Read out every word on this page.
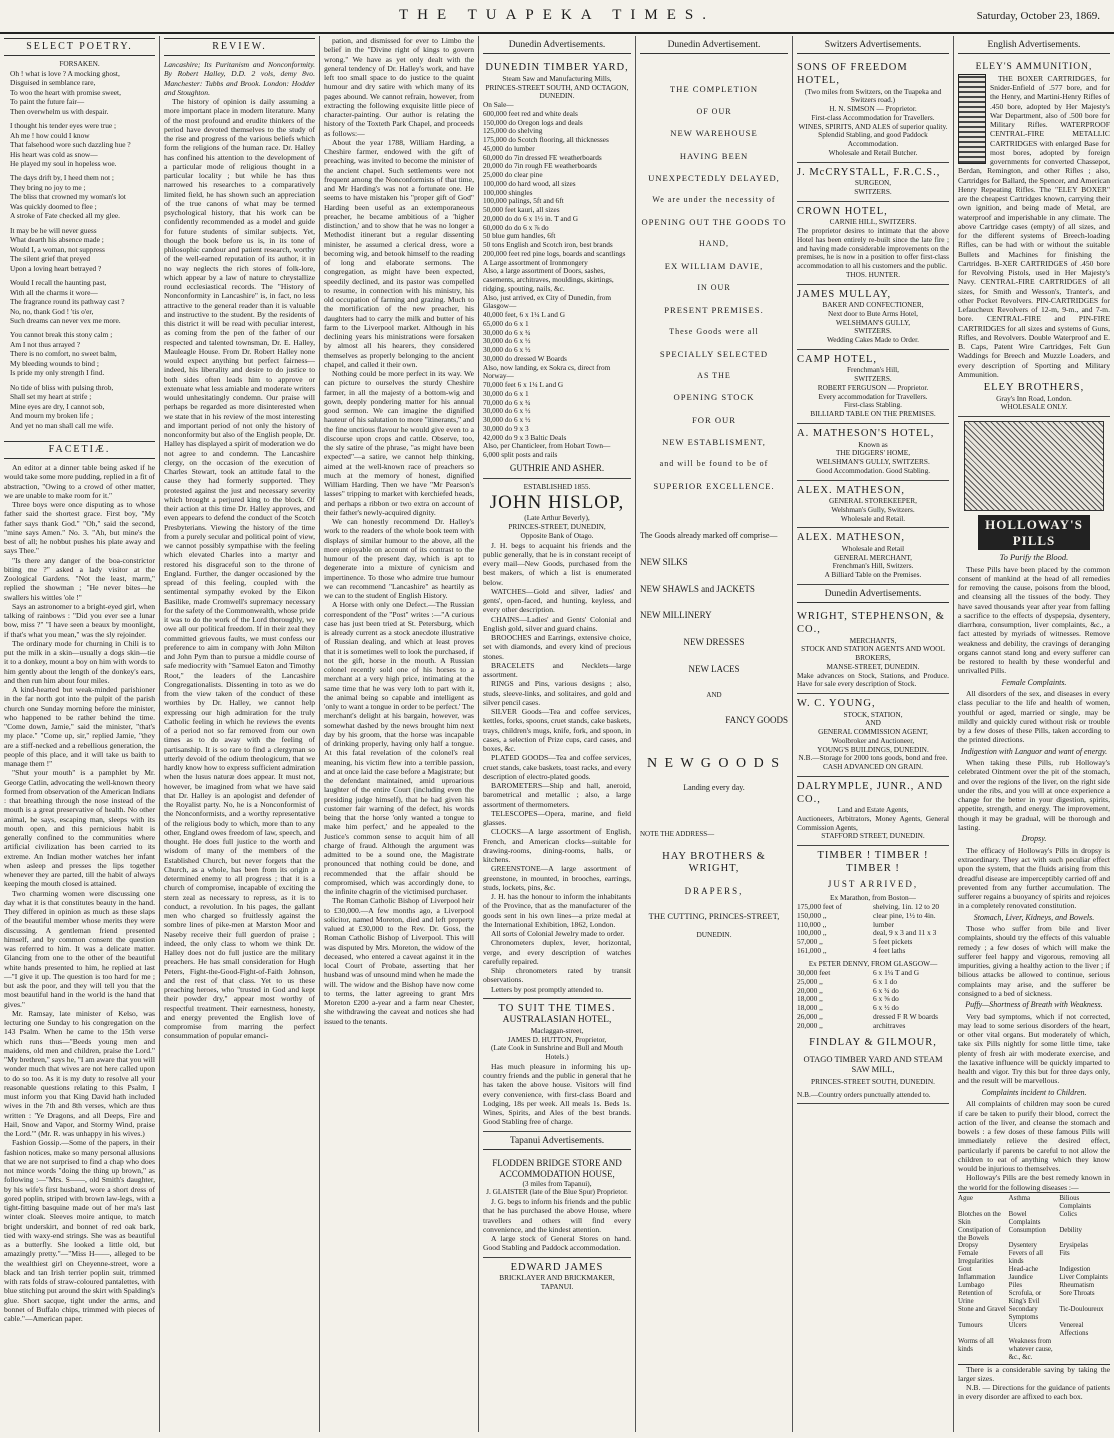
THE TUAPEKA TIMES.	Saturday, October 23, 1869.
SELECT POETRY.
FORSAKEN.

Oh ! what is love ? A mocking ghost,

Disguised in semblance rare,

To woo the heart with promise sweet,

To paint the future fair—

Then overwhelm us with despair.

I thought his tender eyes were true ;

Ah me ! how could I know

That falsehood wore such dazzling hue ?

His heart was cold as snow—

He played my soul in hopeless woe.

The days drift by, I heed them not ;

They bring no joy to me ;

The bliss that crowned my woman's lot

Was quickly doomed to flee ;

A stroke of Fate checked all my glee.

It may be he will never guess

What dearth his absence made ;

Would I, a woman, not suppress

The silent grief that preyed

Upon a loving heart betrayed ?

Would I recall the haunting past,

With all the charms it wore—

The fragrance round its pathway cast ?

No, no, thank God ! 'tis o'er,

Such dreams can never vex me more.

You cannot break this stony calm ;

Am I not thus arrayed ?

There is no comfort, no sweet balm,

My bleeding wounds to bind ;

Is pride my only strength I find.

No tide of bliss with pulsing throb,

Shall set my heart at strife ;

Mine eyes are dry, I cannot sob,

And mourn my broken life ;

And yet no man shall call me wife.

FACETIÆ.

An editor at a dinner table being asked if he would take some more pudding, replied in a fit of abstraction, "Owing to a crowd of other matter, we are unable to make room for it."

Three boys were once disputing as to whose father said the shortest grace. First boy, "My father says thank God." "Oh," said the second, "mine says Amen." No. 3. "Ah, but mine's the best of all; he nobbut pushes his plate away and says Thee."

"Is there any danger of the boa-constrictor biting me ?" asked a lady visitor at the Zoological Gardens. "Not the least, marm," replied the showman ; "He never bites—he swallers his wittles 'ole !"

Says an astronomer to a bright-eyed girl, when talking of rainbows : "Did you ever see a lunar bow, miss ?" "I have seen a beaux by moonlight, if that's what you mean," was the sly rejoinder.

The ordinary mode for churning in Chili is to put the milk in a skin—usually a dogs skin—tie it to a donkey, mount a boy on him with words to him gently about the length of the donkey's ears, and then run him about four miles.

A kind-hearted but weak-minded parishioner in the far north got into the pulpit of the parish church one Sunday morning before the minister, who happened to be rather behind the time. "Come down, Jamie," said the minister, "that's my place." "Come up, sir," replied Jamie, "they are a stiff-necked and a rebellious generation, the people of this place, and it will take us baith to manage them !"

"Shut your mouth" is a pamphlet by Mr. George Catlin, advocating the well-known theory formed from observation of the American Indians : that breathing through the nose instead of the mouth is a great preservative of health. No other animal, he says, escaping man, sleeps with its mouth open, and this pernicious habit is generally confined to the communities where artificial civilization has been carried to its extreme. An Indian mother watches her infant when asleep and presses the lips together whenever they are parted, till the habit of always keeping the mouth closed is attained.

Two charming women were discussing one day what it is that constitutes beauty in the hand. They differed in opinion as much as these slaps of the beautiful member whose merits they were discussing. A gentleman friend presented himself, and by common consent the question was referred to him. It was a delicate matter. Glancing from one to the other of the beautiful white hands presented to him, he replied at last—"I give it up. The question is too hard for me ; but ask the poor, and they will tell you that the most beautiful hand in the world is the hand that gives."

Mr. Ramsay, late minister of Kelso, was lecturing one Sunday to his congregation on the 143 Psalm. When he came to the 15th verse which runs thus—"Beeds young men and maidens, old men and children, praise the Lord." "My brethren," says he, "I am aware that you will wonder much that wives are not here called upon to do so too. As it is my duty to resolve all your reasonable questions relating to this Psalm, I must inform you that King David hath included wives in the 7th and 8th verses, which are thus written : 'Ye Dragons, and all Deeps, Fire and Hail, Snow and Vapor, and Stormy Wind, praise the Lord.'" (Mr. R. was unhappy in his wives.)

Fashion Gossip.—Some of the papers, in their fashion notices, make so many personal allusions that we are not surprised to find a chap who does not mince words "doing the thing up brown," as following :—"Mrs. S——, old Smith's daughter, by his wife's first husband, wore a short dress of gored poplin, striped with brown law-legs, with a tight-fitting basquine made out of her ma's last winter cloak. Sleeves moire antique, to match bright underskirt, and bonnet of red oak bark, tied with waxy-end strings. She was as beautiful as a butterfly. She looked a little old, but amazingly pretty."—"Miss H——, alleged to be the wealthiest girl on Cheyenne-street, wore a black and tan Irish terrier poplin suit, trimmed with rats folds of straw-coloured pantalettes, with blue stitching put around the skirt with Spalding's glue. Short sacque, tight under the arms, and bonnet of Buffalo chips, trimmed with pieces of cable."—American paper.

REVIEW.

Lancashire; Its Puritanism and Nonconformity. By Robert Halley, D.D. 2 vols, demy 8vo. Manchester: Tubbs and Brook. London: Hodder and Stoughton.

The history of opinion is daily assuming a more important place in modern literature. Many of the most profound and erudite thinkers of the period have devoted themselves to the study of the rise and progress of the various beliefs which form the religions of the human race. Dr. Halley has confined his attention to the development of a particular mode of religious thought in a particular locality ; but while he has thus narrowed his researches to a comparatively limited field, he has shown such an appreciation of the true canons of what may be termed psychological history, that his work can be confidently recommended as a model and guide for future students of similar subjects. Yet, though the book before us is, in its tone of philosophic candour and patient research, worthy of the well-earned reputation of its author, it in no way neglects the rich stores of folk-lore, which appear by a law of nature to chrystallize round ecclesiastical records. The "History of Nonconformity in Lancashire" is, in fact, no less attractive to the general reader than it is valuable and instructive to the student. By the residents of this district it will be read with peculiar interest, as coming from the pen of the father of our respected and talented townsman, Dr. E. Halley, Mauleagle House. From Dr. Robert Halley none would expect anything but perfect fairness—indeed, his liberality and desire to do justice to both sides often leads him to approve or extenuate what less amiable and moderate writers would unhesitatingly condemn. Our praise will perhaps be regarded as more disinterested when we state that in his review of the most interesting and important period of not only the history of nonconformity but also of the English people, Dr. Halley has displayed a spirit of moderation we do not agree to and condemn. The Lancashire clergy, on the occasion of the execution of Charles Stewart, took an attitude fatal to the cause they had formerly supported. They protested against the just and necessary severity which brought a perjured king to the block. Of their action at this time Dr. Halley approves, and even appears to defend the conduct of the Scotch Presbyterians. Viewing the history of the time from a purely secular and political point of view, we cannot possibly sympathise with the feeling which elevated Charles into a martyr and restored his disgraceful son to the throne of England. Further, the danger occasioned by the spread of this feeling, coupled with the sentimental sympathy evoked by the Eikon Basilike, made Cromwell's supremacy necessary for the safety of the Commonwealth, whose pride it was to do the work of the Lord thoroughly, we owe all our political freedom. If in their zeal they committed grievous faults, we must confess our preference to aim in company with John Milton and John Pym than to pursue a middle course of safe mediocrity with "Samuel Eaton and Timothy Root," the leaders of the Lancashire Congregationalists. Dissenting in toto as we do from the view taken of the conduct of these worthies by Dr. Halley, we cannot help expressing our high admiration for the truly Catholic feeling in which he reviews the events of a period not so far removed from our own times as to do away with the feeling of partisanship. It is so rare to find a clergyman so utterly devoid of the odium theologicum, that we hardly know how to express sufficient admiration when the lusus naturæ does appear. It must not, however, be imagined from what we have said that Dr. Halley is an apologist and defender of the Royalist party. No, he is a Nonconformist of the Nonconformists, and a worthy representative of the religious body to which, more than to any other, England owes freedom of law, speech, and thought. He does full justice to the worth and wisdom of many of the members of the Established Church, but never forgets that the Church, as a whole, has been from its origin a determined enemy to all progress ; that it is a church of compromise, incapable of exciting the stern zeal as necessary to repress, as it is to conduct, a revolution. In his pages, the gallant men who charged so fruitlessly against the sombre lines of pike-men at Marston Moor and Naseby receive their full guerdon of praise ; indeed, the only class to whom we think Dr. Halley does not do full justice are the military preachers. He has small consideration for Hugh Peters, Fight-the-Good-Fight-of-Faith Johnson, and the rest of that class. Yet to us these preaching heroes, who "trusted in God and kept their powder dry," appear most worthy of respectful treatment. Their earnestness, honesty, and energy prevented the English love of compromise from marring the perfect consummation of popular emanci-

pation, and dismissed for ever to Limbo the belief in the "Divine right of kings to govern wrong." We have as yet only dealt with the general tendency of Dr. Halley's work, and have left too small space to do justice to the quaint humour and dry satire with which many of its pages abound. We cannot refrain, however, from extracting the following exquisite little piece of character-painting. Our author is relating the history of the Toxteth Park Chapel, and proceeds as follows:—

About the year 1788, William Harding, a Cheshire farmer, endowed with the gift of preaching, was invited to become the minister of the ancient chapel. Such settlements were not frequent among the Nonconformists of that time, and Mr Harding's was not a fortunate one. He seems to have mistaken his "proper gift of God" Harding been useful as an extemporaneous preacher, he became ambitious of a 'higher distinction,' and to show that he was no longer a Methodist itinerant but a regular dissenting minister, he assumed a clerical dress, wore a becoming wig, and betook himself to the reading of long and elaborate sermons. The congregation, as might have been expected, speedily declined, and its pastor was compelled to resume, in connection with his ministry, his old occupation of farming and grazing. Much to the mortification of the new preacher, his daughters had to carry the milk and butter of his farm to the Liverpool market. Although in his declining years his ministrations were forsaken by almost all his hearers, they considered themselves as properly belonging to the ancient chapel, and called it their own.

Nothing could be more perfect in its way. We can picture to ourselves the sturdy Cheshire farmer, in all the majesty of a bottom-wig and gown, deeply pondering matter for his annual good sermon. We can imagine the dignified hauteur of his salutation to more "itinerants," and the fine unctious flavour he would give even to a discourse upon crops and cattle. Observe, too, the sly satire of the phrase, "as might have been expected"—a satire, we cannot help thinking, aimed at the well-known race of preachers so much at the memory of honest, dignified William Harding. Then we have "Mr Pearson's lasses" tripping to market with kerchiefed heads, and perhaps a ribbon or two extra on account of their father's newly-acquired dignity.

We can honestly recommend Dr. Halley's work to the readers of the whole book teem with displays of similar humour to the above, all the more enjoyable on account of its contrast to the humour of the present day, which is apt to degenerate into a mixture of cynicism and impertinence. To those who admire true humour we can recommend "Lancashire" as heartily as we can to the student of English History.

A Horse with only one Defect.—The Russian correspondent of the "Post" writes :—"A curious case has just been tried at St. Petersburg, which is already current as a stock anecdote illustrative of Russian dealing, and which at least proves that it is sometimes well to look the purchased, if not the gift, horse in the mouth. A Russian colonel recently sold one of his horses to a merchant at a very high price, intimating at the same time that he was very loth to part with it, the animal being so capable and intelligent as 'only to want a tongue in order to be perfect.' The merchant's delight at his bargain, however, was somewhat dashed by the news brought him next day by his groom, that the horse was incapable of drinking properly, having only half a tongue. At this fatal revelation of the colonel's real meaning, his victim flew into a terrible passion, and at once laid the case before a Magistrate; but the defendant maintained, amid uproarious laughter of the entire Court (including even the presiding judge himself), that he had given his customer fair warning of the defect, his words being that the horse 'only wanted a tongue to make him perfect,' and he appealed to the Justice's common sense to acquit him of all charge of fraud. Although the argument was admitted to be a sound one, the Magistrate pronounced that nothing could be done, and recommended that the affair should be compromised, which was accordingly done, to the infinite chagrin of the victimised purchaser.

The Roman Catholic Bishop of Liverpool heir to £30,000.—A few months ago, a Liverpool solicitor, named Moreton, died and left property valued at £30,000 to the Rev. Dr. Goss, the Roman Catholic Bishop of Liverpool. This will was disputed by Mrs. Moreton, the widow of the deceased, who entered a caveat against it in the local Court of Probate, asserting that her husband was of unsound mind when he made the will. The widow and the Bishop have now come to terms, the latter agreeing to grant Mrs Moreton £200 a-year and a farm near Chester, she withdrawing the caveat and notices she had issued to the tenants.

Dunedin Advertisements.
DUNEDIN TIMBER YARD,
Steam Saw and Manufacturing Mills,
PRINCES-STREET SOUTH, AND OCTAGON, DUNEDIN.
On Sale—
600,000 feet red and white deals
150,000 do Oregon logs and deals
125,000 do shelving
175,000 do Scotch flooring, all thicknesses
45,000 do lumber
60,000 do 7in dressed FE weatherboards
20,000 do 7in rough FE weatherboards
25,000 do clear pine
100,000 do hard wood, all sizes
100,000 shingles
100,000 palings, 5ft and 6ft
50,000 feet kauri, all sizes
20,000 do do 6 x 1½ in. T and G
60,000 do do 6 x ⅞ do
50 blue gum handles, 6ft
50 tons English and Scotch iron, best brands
200,000 feet red pine logs, boards and scantlings
A Large assortment of Ironmongery
Also, a large assortment of Doors, sashes, casements, architraves, mouldings, skirtings, ridging, spouting, nails, &c.
Also, just arrived, ex City of Dunedin, from Glasgow—
40,000 feet, 6 x 1¼ L and G
65,000 do 6 x 1
30,000 do 6 x ¾
30,000 do 6 x ½
30,000 do 6 x ½
30,000 do dressed W Boards
Also, now landing, ex Sokra cs, direct from Norway—
70,000 feet 6 x 1¼ L and G
30,000 do 6 x 1
70,000 do 6 x ¾
30,000 do 6 x ½
30,000 do 6 x ½
30,000 do 9 x 3
42,000 do 9 x 3 Baltic Deals
Also, per Chanticleer, from Hobart Town—
6,000 split posts and rails
GUTHRIE AND ASHER.
ESTABLISHED 1855.
JOHN HISLOP,
(Late Arthur Beverly),
PRINCES-STREET, DUNEDIN,
Opposite Bank of Otago.

J. H. begs to acquaint his friends and the public generally, that he is in constant receipt of every mail—New Goods, purchased from the best makers, of which a list is enumerated below.

WATCHES—Gold and silver, ladies' and gents', open-faced, and hunting, keyless, and every other description.

CHAINS—Ladies' and Gents' Colonial and English gold, silver and guard chains.

BROOCHES and Earrings, extensive choice, set with diamonds, and every kind of precious stones.

BRACELETS and Necklets—large assortment.

RINGS and Pins, various designs ; also, studs, sleeve-links, and solitaires, and gold and silver pencil cases.

SILVER Goods—Tea and coffee services, kettles, forks, spoons, cruet stands, cake baskets, trays, children's mugs, knife, fork, and spoon, in cases, a selection of Prize cups, card cases, and boxes, &c.

PLATED GOODS—Tea and coffee services, cruet stands, cake baskets, toast racks, and every description of electro-plated goods.

BAROMETERS—Ship and hall, aneroid, barometrical and metallic ; also, a large assortment of thermometers.

TELESCOPES—Opera, marine, and field glasses.

CLOCKS—A large assortment of English, French, and American clocks—suitable for drawing-rooms, dining-rooms, halls, or kitchens.

GREENSTONE—A large assortment of greenstone, in mounted, in brooches, earrings, studs, lockets, pins, &c.

J. H. has the honour to inform the inhabitants of the Province, that as the manufacturer of the goods sent in his own lines—a prize medal at the International Exhibition, 1862, London.

All sorts of Colonial Jewelry made to order.

Chronometers duplex, lever, horizontal, verge, and every description of watches carefully repaired.

Ship chronometers rated by transit observations.

Letters by post promptly attended to.

TO SUIT THE TIMES.
AUSTRALASIAN HOTEL,
Maclaggan-street,
JAMES D. HUTTON, Proprietor,
(Late Cook in Sunshrine and Bull and Mouth Hotels.)

Has much pleasure in informing his up-country friends and the public in general that he has taken the above house. Visitors will find every convenience, with first-class Board and Lodging, 18s per week. All meals 1s. Beds 1s. Wines, Spirits, and Ales of the best brands. Good Stabling free of charge.

Tapanui Advertisements.
FLODDEN BRIDGE STORE AND ACCOMMODATION HOUSE,
(3 miles from Tapanui),
J. GLAISTER (late of the Blue Spur) Proprietor.

J. G. begs to inform his friends and the public that he has purchased the above House, where travellers and others will find every convenience, and the kindest attention.

A large stock of General Stores on hand. Good Stabling and Paddock accommodation.

EDWARD JAMES
BRICKLAYER AND BRICKMAKER,
TAPANUI.
Dunedin Advertisement.
THE COMPLETION
OF OUR
NEW WAREHOUSE
HAVING BEEN
UNEXPECTEDLY DELAYED,
We are under the necessity of
OPENING OUT THE GOODS TO
HAND,
EX WILLIAM DAVIE,
IN OUR
PRESENT PREMISES.
These Goods were all
SPECIALLY SELECTED
AS THE
OPENING STOCK
FOR OUR
NEW ESTABLISMENT,
and will be found to be of
SUPERIOR EXCELLENCE.
The Goods already marked off comprise—
NEW SILKS
NEW SHAWLS and JACKETS
NEW MILLINERY
NEW DRESSES
NEW LACES
AND
FANCY GOODS
N E W G O O D S
Landing every day.
NOTE THE ADDRESS—
HAY BROTHERS & WRIGHT,
DRAPERS,
THE CUTTING, PRINCES-STREET,
DUNEDIN.
Switzers Advertisements.
SONS OF FREEDOM HOTEL,
(Two miles from Switzers, on the Tuapeka and Switzers road.)
H. N. SIMSON — Proprietor.
First-class Accommodation for Travellers.
WINES, SPIRITS, AND ALES of superior quality.
Splendid Stabling, and good Paddock Accommodation.
Wholesale and Retail Butcher.
J. McCRYSTALL, F.R.C.S.,
SURGEON,
SWITZERS.
CROWN HOTEL,
CARNIE HILL, SWITZERS.
The proprietor desires to intimate that the above Hotel has been entirely re-built since the late fire ; and having made considerable improvements on the premises, he is now in a position to offer first-class accommodation to all his customers and the public.
THOS. HUNTER.
JAMES MULLAY,
BAKER AND CONFECTIONER,
Next door to Bute Arms Hotel,
WELSHMAN'S GULLY,
SWITZERS.
Wedding Cakes Made to Order.
CAMP HOTEL,
Frenchman's Hill,
SWITZERS.
ROBERT FERGUSON — Proprietor.
Every accommodation for Travellers.
First-class Stabling.
BILLIARD TABLE ON THE PREMISES.
A. MATHESON'S HOTEL,
Known as
THE DIGGERS' HOME,
WELSHMAN'S GULLY, SWITZERS.
Good Accommodation. Good Stabling.
ALEX. MATHESON,
GENERAL STOREKEEPER,
Welshman's Gully, Switzers.
Wholesale and Retail.
ALEX. MATHESON,
Wholesale and Retail
GENERAL MERCHANT,
Frenchman's Hill, Switzers.
A Billiard Table on the Premises.
Dunedin Advertisements.
WRIGHT, STEPHENSON, & CO.,
MERCHANTS,
STOCK AND STATION AGENTS AND WOOL BROKERS,
MANSE-STREET, DUNEDIN.
Make advances on Stock, Stations, and Produce. Have for sale every description of Stock.
W. C. YOUNG,
STOCK, STATION,
AND
GENERAL COMMISSION AGENT,
Woolbroker and Auctioneer,
YOUNG'S BUILDINGS, DUNEDIN.
N.B.—Storage for 2000 tons goods, bond and free.
CASH ADVANCED ON GRAIN.
DALRYMPLE, JUNR., AND CO.,
Land and Estate Agents,
Auctioneers, Arbitrators, Money Agents, General Commission Agents,
STAFFORD STREET, DUNEDIN.
TIMBER ! TIMBER ! TIMBER !
JUST ARRIVED,
Ex Marathon, from Boston—
175,000 feet of	shelving, 1in. 12 to 20
150,000 ,,	clear pine, 1½ to 4in.
110,000 ,,	lumber
100,000 ,,	deal, 9 x 3 and 11 x 3
57,000 ,,	5 feet pickets
161,000 ,,	4 feet laths
Ex PETER DENNY, FROM GLASGOW—
30,000 feet	6 x 1¼ T and G
25,000 ,,	6 x 1 do
20,000 ,,	6 x ¾ do
18,000 ,,	6 x ⅝ do
18,000 ,,	6 x ½ do
26,000 ,,	dressed F R W boards
20,000 ,,	architraves
FINDLAY & GILMOUR,
OTAGO TIMBER YARD AND STEAM SAW MILL,
PRINCES-STREET SOUTH, DUNEDIN.
N.B.—Country orders punctually attended to.
English Advertisements.
ELEY'S AMMUNITION,

THE BOXER CARTRIDGES, for Snider-Enfield of .577 bore, and for the Henry, and Martini-Henry Rifles of .450 bore, adopted by Her Majesty's War Department, also of .500 bore for Military Rifles. WATERPROOF CENTRAL-FIRE METALLIC CARTRIDGES with enlarged Base for most bores, adopted by foreign governments for converted Chassepot, Berdan, Remington, and other Rifles ; also, Cartridges for Ballard, the Spencer, and American Henry Repeating Rifles. The "ELEY BOXER" are the cheapest Cartridges known, carrying their own ignition, and being made of Metal, are waterproof and imperishable in any climate. The above Cartridge cases (empty) of all sizes, and for the different systems of Breech-loading Rifles, can be had with or without the suitable Bullets and Machines for finishing the Cartridges. B-XER CARTRIDGES of .450 bore for Revolving Pistols, used in Her Majesty's Navy. CENTRAL-FIRE CARTRIDGES of all sizes, for Smith and Wesson's, Tranter's, and other Pocket Revolvers. PIN-CARTRIDGES for Lefaucheux Revolvers of 12-m, 9-m., and 7-m. bore. CENTRAL-FIRE and PIN-FIRE CARTRIDGES for all sizes and systems of Guns, Rifles, and Revolvers. Double Waterproof and E. B. Caps, Patent Wire Cartridges, Felt Gun Waddings for Breech and Muzzle Loaders, and every description of Sporting and Military Ammunition.

ELEY BROTHERS,
Gray's Inn Road, London.
WHOLESALE ONLY.
HOLLOWAY'S PILLS
To Purify the Blood.

These Pills have been placed by the common consent of mankind at the head of all remedies for removing the cause, poisons from the blood, and cleansing all the tissues of the body. They have saved thousands year after year from falling a sacrifice to the effects of dyspepsia, dysentery, diarrhœa, consumption, liver complaints, &c., a fact attested by myriads of witnesses. Remove weakness and debility, the cravings of deranging organs cannot stand long and every sufferer can be restored to health by these wonderful and unrivalled Pills.

Female Complaints.

All disorders of the sex, and diseases in every class peculiar to the life and health of women, youthful or aged, married or single, may be mildly and quickly cured without risk or trouble by a few doses of these Pills, taken according to the printed directions.

Indigestion with Languor and want of energy.

When taking these Pills, rub Holloway's celebrated Ointment over the pit of the stomach, and over the regions of the liver, on the right side under the ribs, and you will at once experience a change for the better in your digestion, spirits, appetite, strength, and energy. The improvement, though it may be gradual, will be thorough and lasting.

Dropsy.

The efficacy of Holloway's Pills in dropsy is extraordinary. They act with such peculiar effect upon the system, that the fluids arising from this dreadful disease are imperceptibly carried off and prevented from any further accumulation. The sufferer regains a buoyancy of spirits and rejoices in a completely renovated constitution.

Stomach, Liver, Kidneys, and Bowels.

Those who suffer from bile and liver complaints, should try the effects of this valuable remedy ; a few doses of which will make the sufferer feel happy and vigorous, removing all impurities, giving a healthy action to the liver ; if bilious attacks be allowed to continue, serious complaints may arise, and the sufferer be consigned to a bed of sickness.

Puffy—Shortness of Breath with Weakness.

Very bad symptoms, which if not corrected, may lead to some serious disorders of the heart, or other vital organs. But moderately of which, take six Pills nightly for some little time, take plenty of fresh air with moderate exercise, and the laxative influence will be quickly imparted to health and vigor. Try this but for three days only, and the result will be marvellous.

Complaints incident to Children.

All complaints of children may soon be cured if care be taken to purify their blood, correct the action of the liver, and cleanse the stomach and bowels : a few doses of these famous Pills will immediately relieve the desired effect, particularly if parents be careful to not allow the children to eat of anything which they know would be injurious to themselves.

Holloway's Pills are the best remedy known in the world for the following diseases :—

Ague	Asthma	Bilious Complaints
Blotches on the Skin
Bowel Complaints
Colics
Constipation of the Bowels
Consumption	Debility
Dropsy	Dysentery	Erysipelas
Female Irregularities
Fevers of all kinds
Fits
Gout	Head-ache	Indigestion
Inflammation	Jaundice	Liver Complaints
Lumbago	Piles	Rheumatism
Retention of Urine
Scrofula, or King's Evil
Sore Throats
Stone and Gravel Secondary Symptoms
Tic-Douloureux
Tumours	Ulcers	Venereal Affections
Worms of all kinds
Weakness from whatever cause, &c., &c.

There is a considerable saving by taking the larger sizes.

N.B. — Directions for the guidance of patients in every disorder are affixed to each box.
